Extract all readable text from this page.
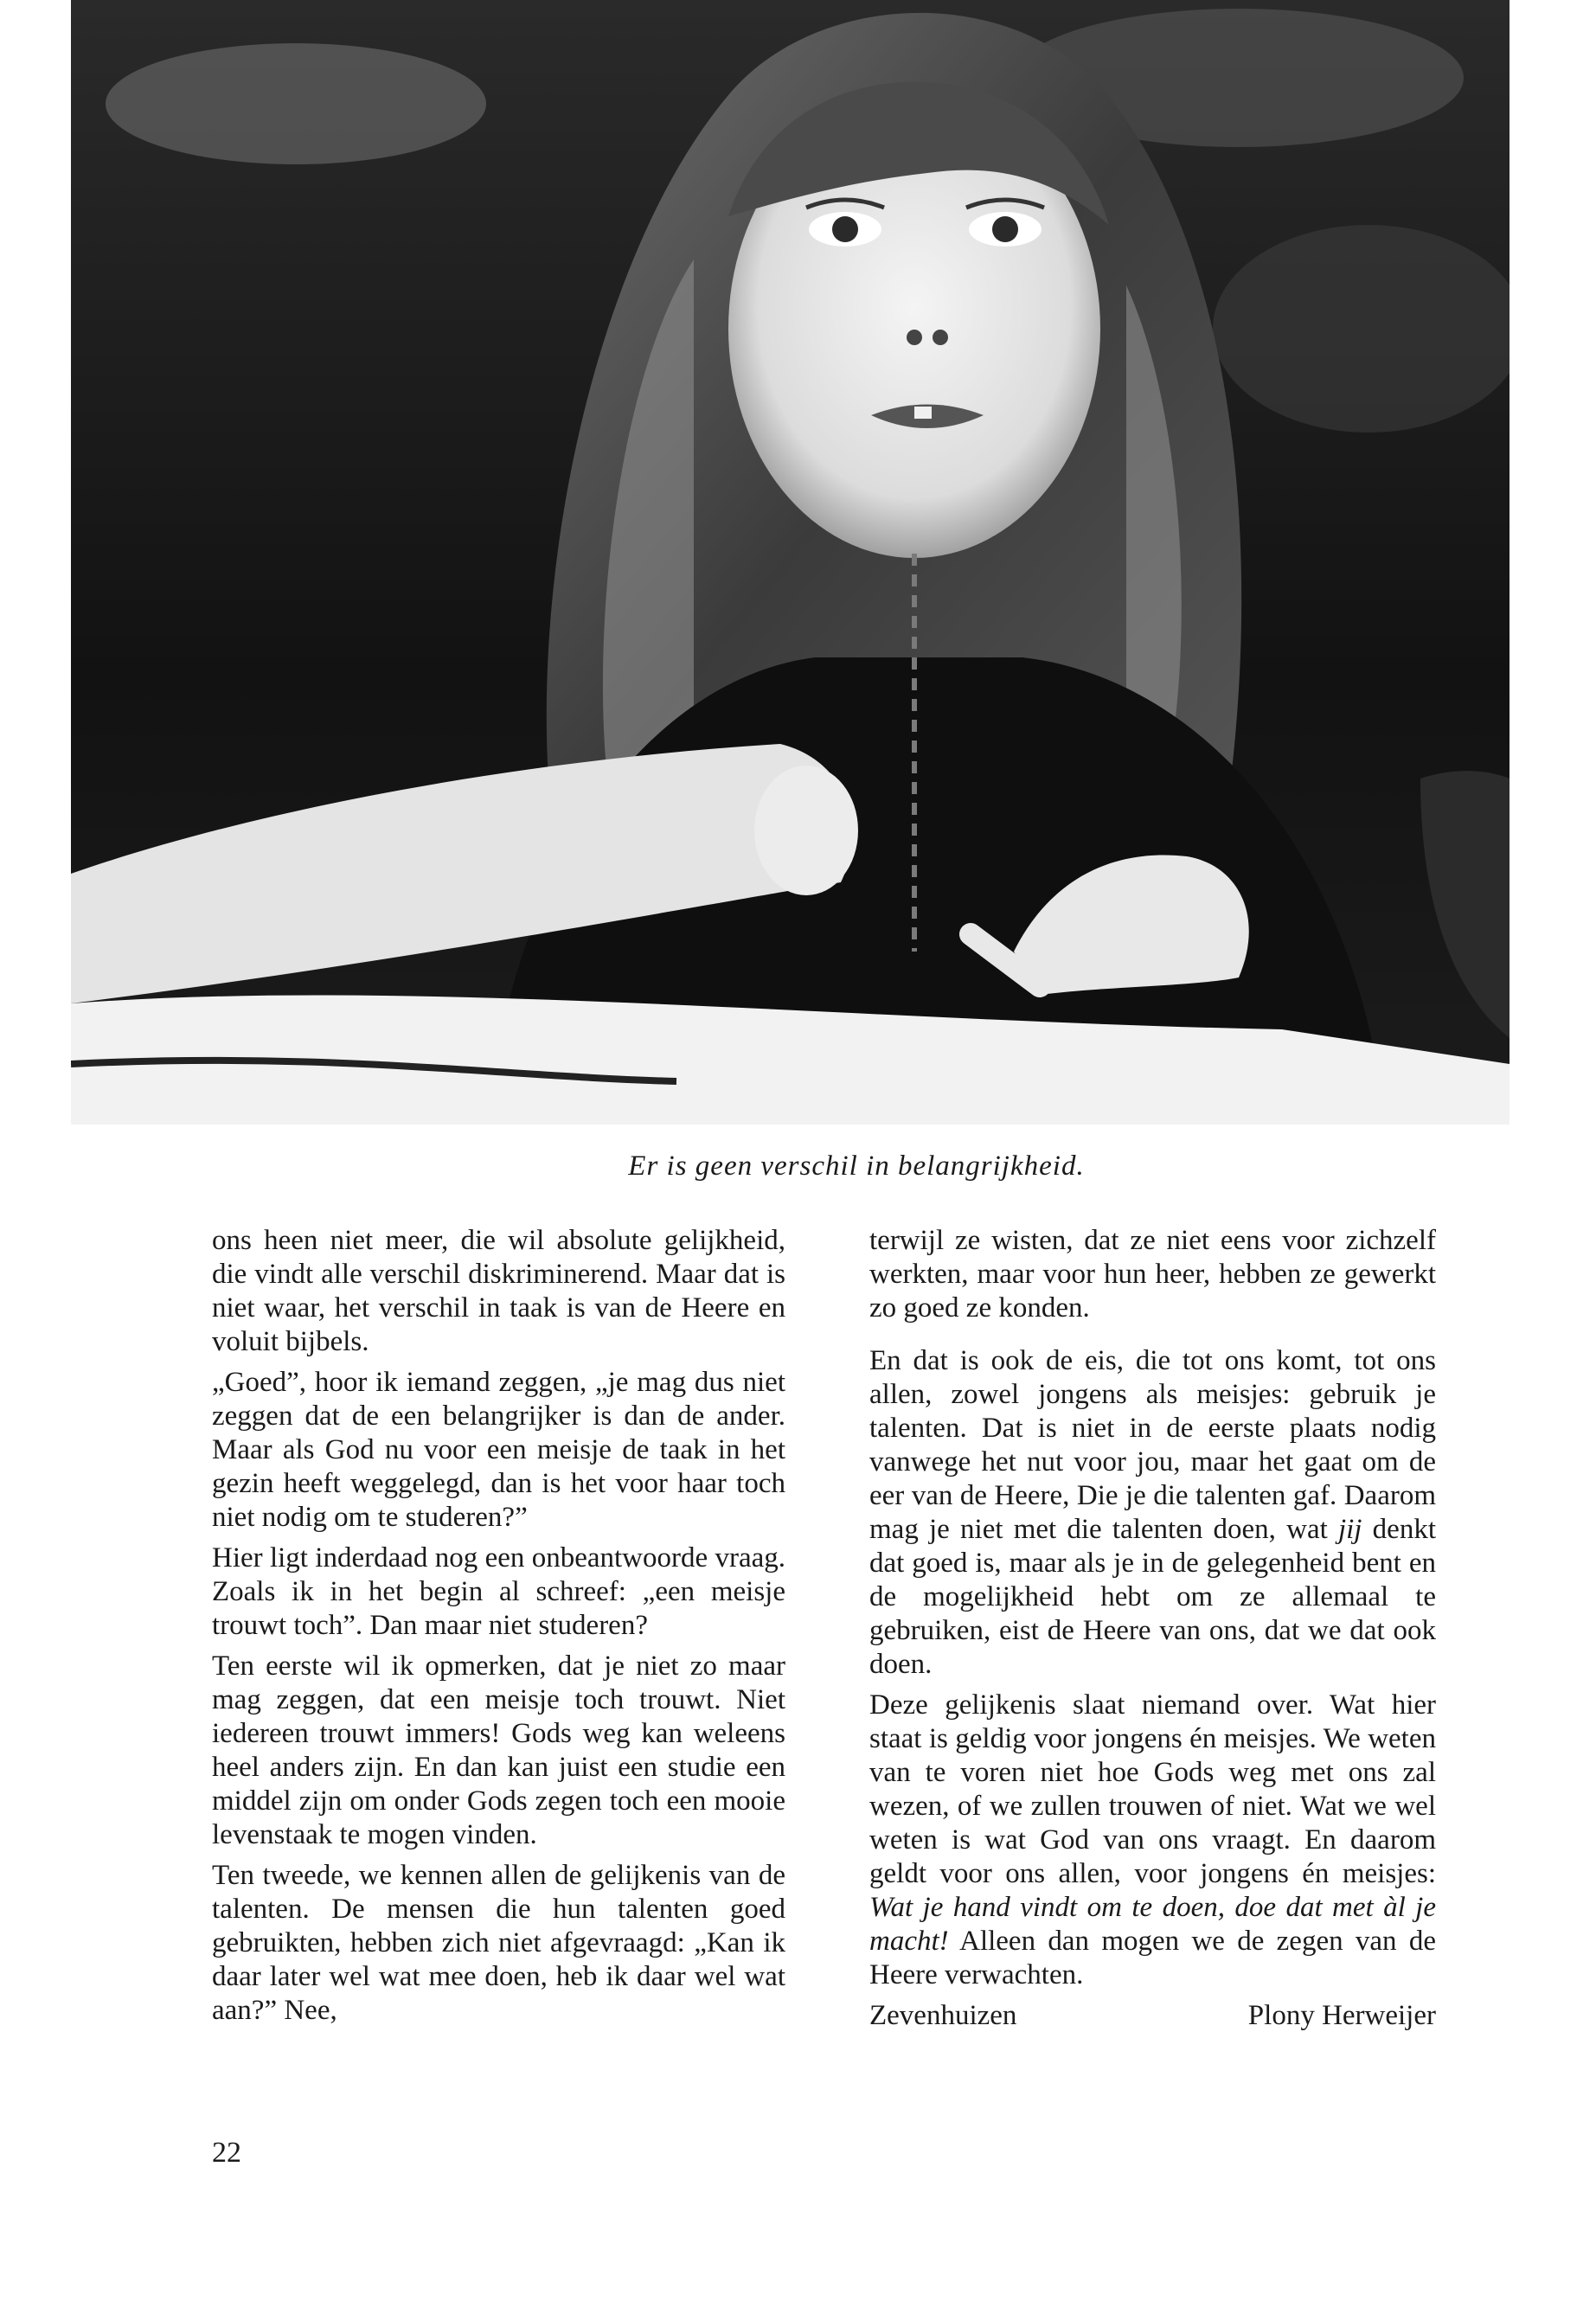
Er is geen verschil in belangrijkheid.

ons heen niet meer, die wil absolute gelijkheid, die vindt alle verschil diskriminerend. Maar dat is niet waar, het verschil in taak is van de Heere en voluit bijbels.

„Goed”, hoor ik iemand zeggen, „je mag dus niet zeggen dat de een belangrijker is dan de ander. Maar als God nu voor een meisje de taak in het gezin heeft weggelegd, dan is het voor haar toch niet nodig om te studeren?”

Hier ligt inderdaad nog een onbeantwoorde vraag. Zoals ik in het begin al schreef: „een meisje trouwt toch”. Dan maar niet studeren?

Ten eerste wil ik opmerken, dat je niet zo maar mag zeggen, dat een meisje toch trouwt. Niet iedereen trouwt immers! Gods weg kan weleens heel anders zijn. En dan kan juist een studie een middel zijn om onder Gods zegen toch een mooie levenstaak te mogen vinden.

Ten tweede, we kennen allen de gelijkenis van de talenten. De mensen die hun talenten goed gebruikten, hebben zich niet afgevraagd: „Kan ik daar later wel wat mee doen, heb ik daar wel wat aan?” Nee,

terwijl ze wisten, dat ze niet eens voor zichzelf werkten, maar voor hun heer, hebben ze gewerkt zo goed ze konden.

En dat is ook de eis, die tot ons komt, tot ons allen, zowel jongens als meisjes: gebruik je talenten. Dat is niet in de eerste plaats nodig vanwege het nut voor jou, maar het gaat om de eer van de Heere, Die je die talenten gaf. Daarom mag je niet met die talenten doen, wat jij denkt dat goed is, maar als je in de gelegenheid bent en de mogelijkheid hebt om ze allemaal te gebruiken, eist de Heere van ons, dat we dat ook doen.

Deze gelijkenis slaat niemand over. Wat hier staat is geldig voor jongens én meisjes. We weten van te voren niet hoe Gods weg met ons zal wezen, of we zullen trouwen of niet. Wat we wel weten is wat God van ons vraagt. En daarom geldt voor ons allen, voor jongens én meisjes: Wat je hand vindt om te doen, doe dat met àl je macht! Alleen dan mogen we de zegen van de Heere verwachten.

Zevenhuizen	Plony Herweijer
22
